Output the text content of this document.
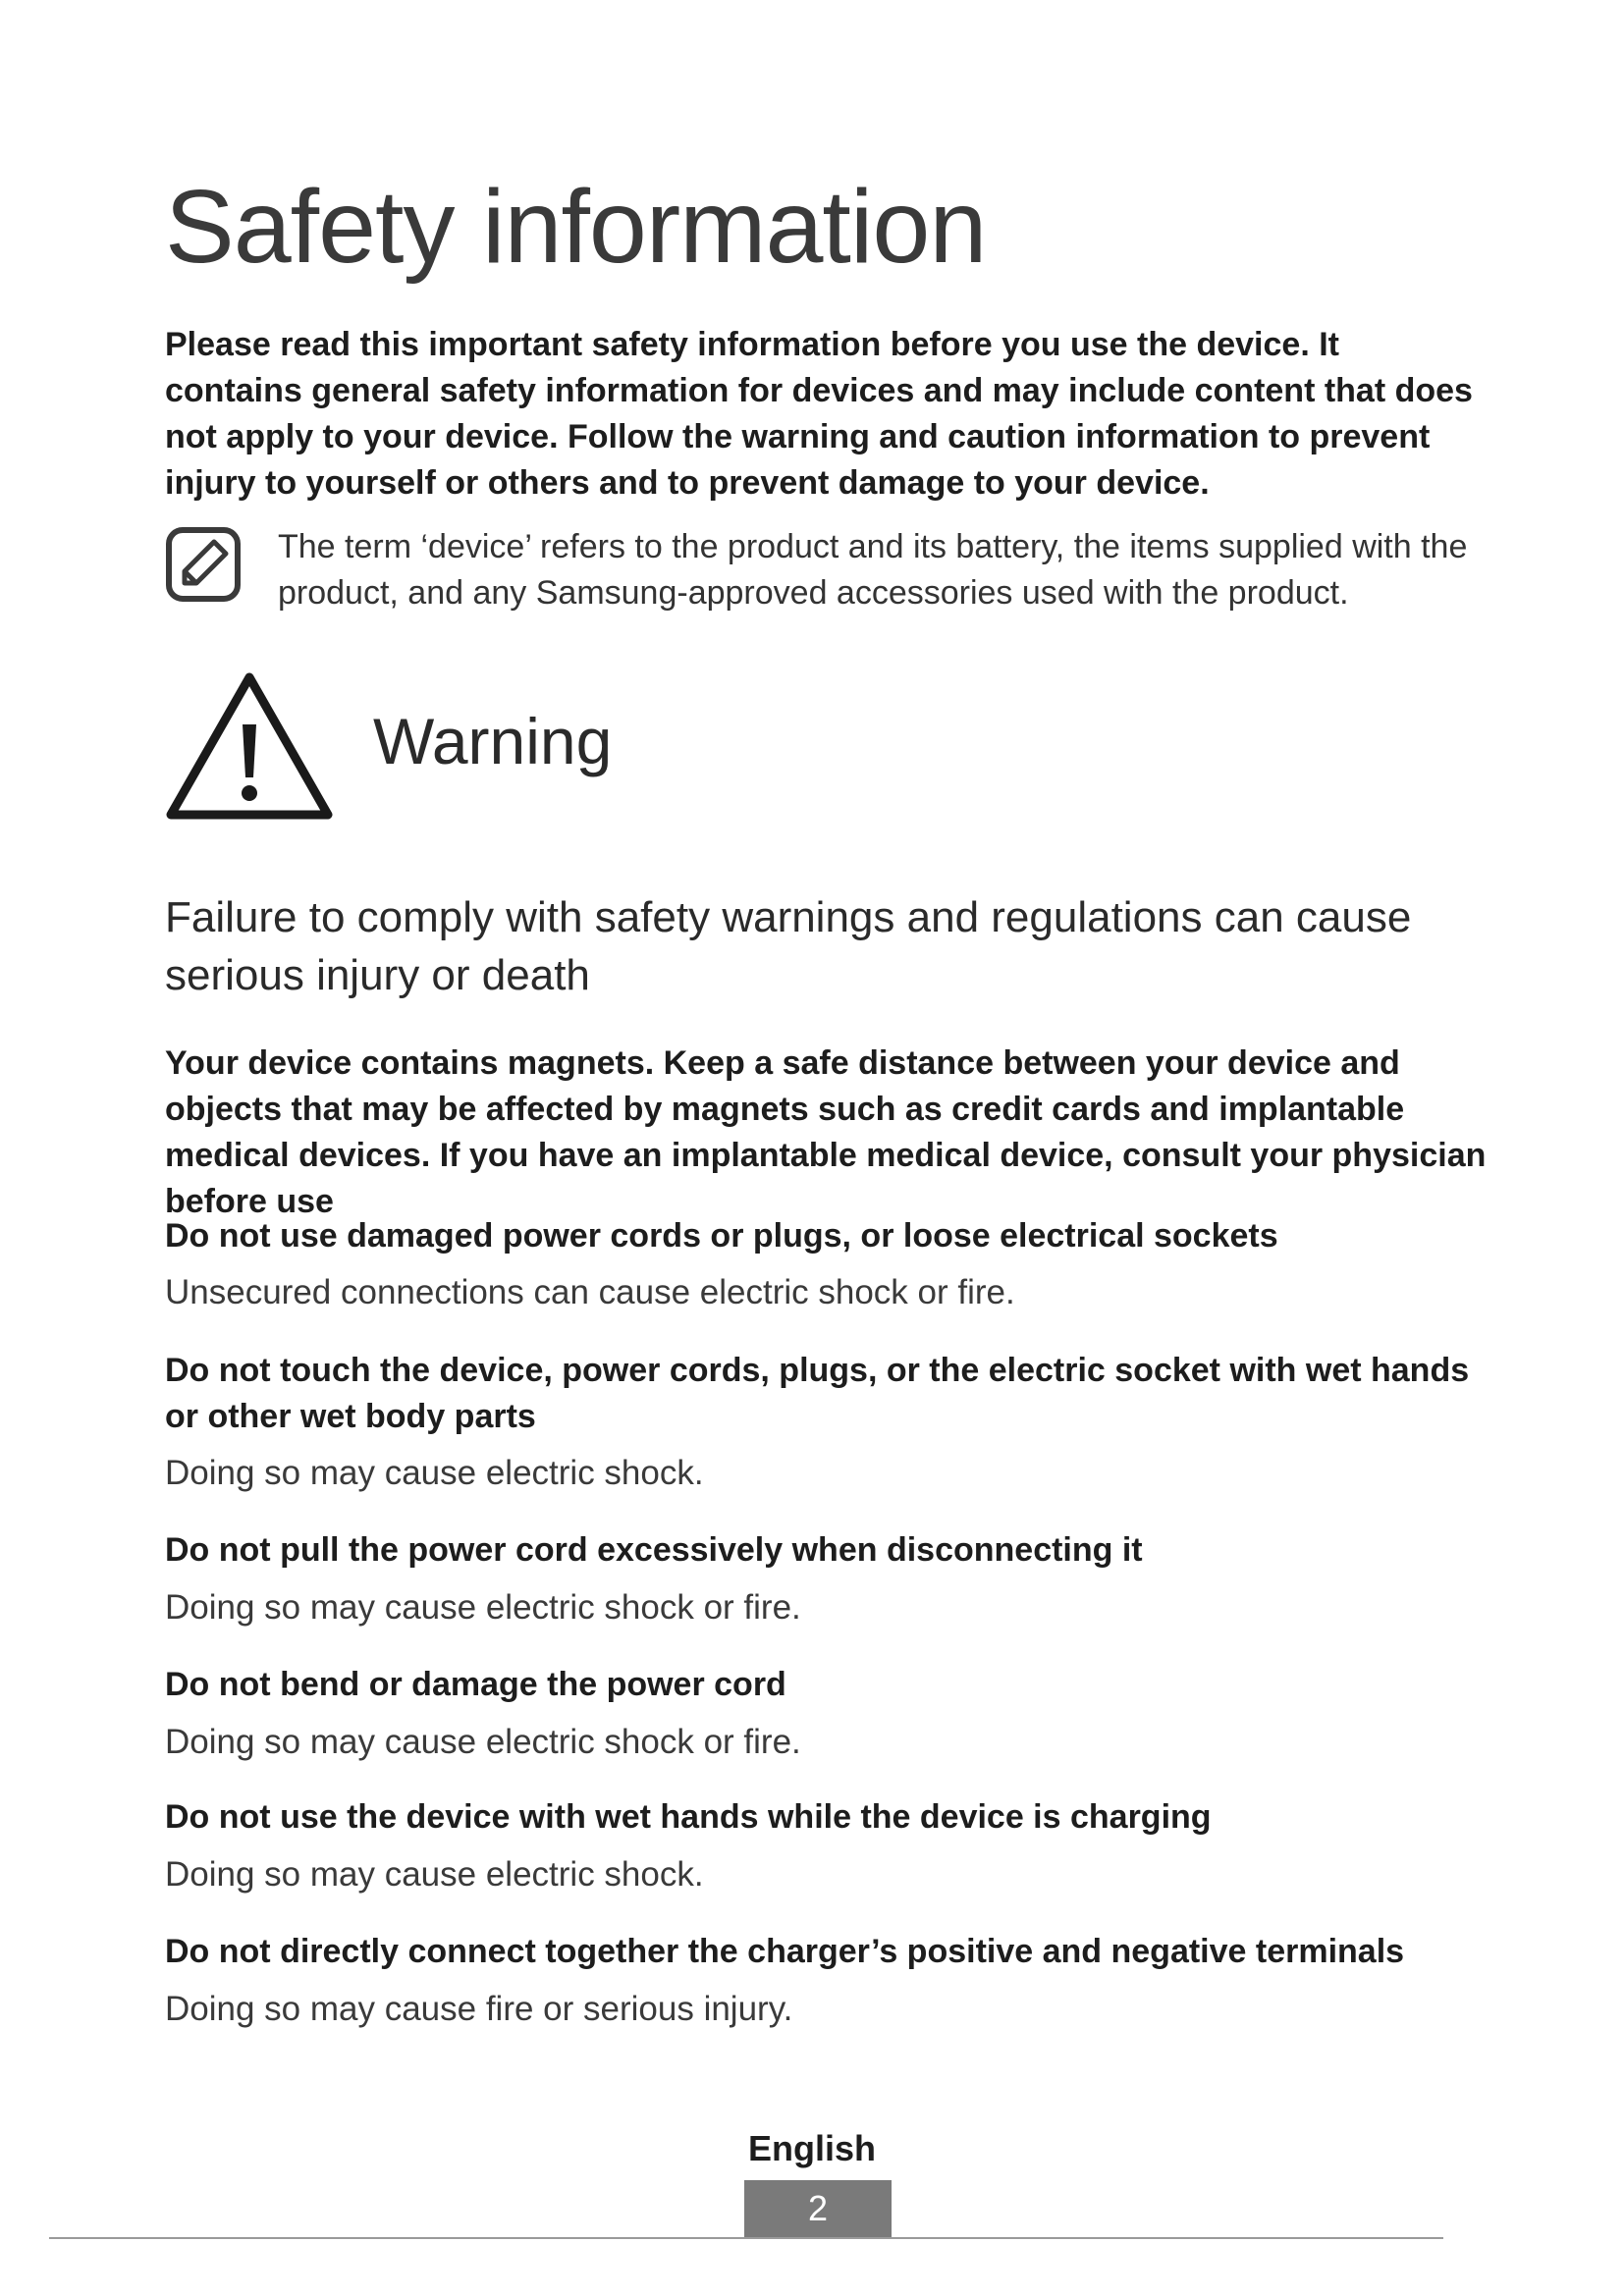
Safety information

Please read this important safety information before you use the device. It contains general safety information for devices and may include content that does not apply to your device. Follow the warning and caution information to prevent injury to yourself or others and to prevent damage to your device.

The term ‘device’ refers to the product and its battery, the items supplied with the product, and any Samsung-approved accessories used with the product.

Warning
Failure to comply with safety warnings and regulations can cause serious injury or death

Your device contains magnets. Keep a safe distance between your device and objects that may be affected by magnets such as credit cards and implantable medical devices. If you have an implantable medical device, consult your physician before use

Do not use damaged power cords or plugs, or loose electrical sockets

Unsecured connections can cause electric shock or fire.

Do not touch the device, power cords, plugs, or the electric socket with wet hands or other wet body parts

Doing so may cause electric shock.

Do not pull the power cord excessively when disconnecting it

Doing so may cause electric shock or fire.

Do not bend or damage the power cord

Doing so may cause electric shock or fire.

Do not use the device with wet hands while the device is charging

Doing so may cause electric shock.

Do not directly connect together the charger’s positive and negative terminals

Doing so may cause fire or serious injury.

English
2
